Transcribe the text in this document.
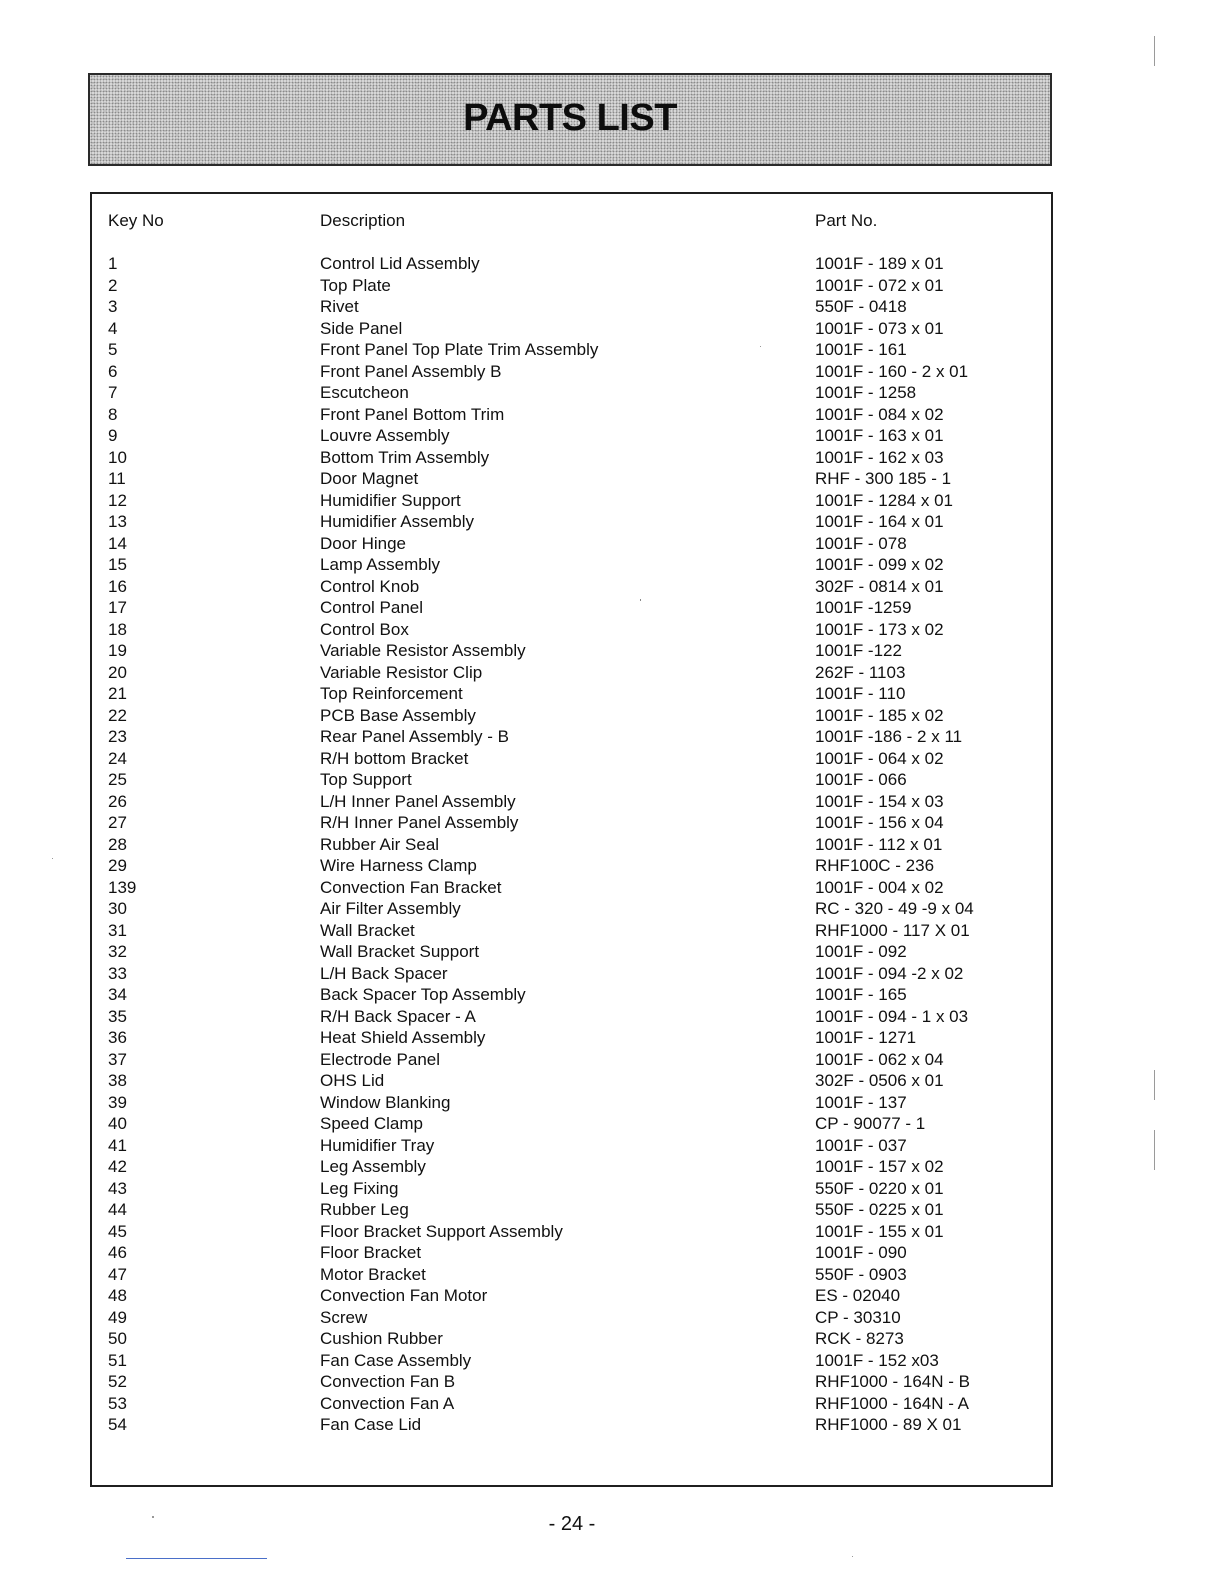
PARTS LIST
Key No	Description	Part No.
1	Control Lid Assembly	1001F - 189 x 01
2	Top Plate	1001F - 072 x 01
3	Rivet	550F - 0418
4	Side Panel	1001F - 073 x 01
5	Front Panel Top Plate Trim Assembly	1001F - 161
6	Front Panel Assembly B	1001F - 160 - 2 x 01
7	Escutcheon	1001F - 1258
8	Front Panel Bottom Trim	1001F - 084 x 02
9	Louvre Assembly	1001F - 163 x 01
10	Bottom Trim Assembly	1001F - 162 x 03
11	Door Magnet	RHF - 300 185 - 1
12	Humidifier Support	1001F - 1284 x 01
13	Humidifier Assembly	1001F - 164 x 01
14	Door Hinge	1001F - 078
15	Lamp Assembly	1001F - 099 x 02
16	Control Knob	302F - 0814 x 01
17	Control Panel	1001F -1259
18	Control Box	1001F - 173 x 02
19	Variable Resistor Assembly	1001F -122
20	Variable Resistor Clip	262F - 1103
21	Top Reinforcement	1001F - 110
22	PCB Base Assembly	1001F - 185 x 02
23	Rear Panel Assembly - B	1001F -186 - 2 x 11
24	R/H bottom Bracket	1001F - 064 x 02
25	Top Support	1001F - 066
26	L/H Inner Panel Assembly	1001F - 154 x 03
27	R/H Inner Panel Assembly	1001F - 156 x 04
28	Rubber Air Seal	1001F - 112 x 01
29	Wire Harness Clamp	RHF100C - 236
139	Convection Fan Bracket	1001F - 004 x 02
30	Air Filter Assembly	RC - 320 - 49 -9 x 04
31	Wall Bracket	RHF1000 - 117 X 01
32	Wall Bracket Support	1001F - 092
33	L/H Back Spacer	1001F - 094 -2 x 02
34	Back Spacer Top Assembly	1001F - 165
35	R/H Back Spacer - A	1001F - 094 - 1 x 03
36	Heat Shield Assembly	1001F - 1271
37	Electrode Panel	1001F - 062 x 04
38	OHS Lid	302F - 0506 x 01
39	Window Blanking	1001F - 137
40	Speed Clamp	CP - 90077 - 1
41	Humidifier Tray	1001F - 037
42	Leg Assembly	1001F - 157 x 02
43	Leg Fixing	550F - 0220 x 01
44	Rubber Leg	550F - 0225 x 01
45	Floor Bracket Support Assembly	1001F - 155 x 01
46	Floor Bracket	1001F - 090
47	Motor Bracket	550F - 0903
48	Convection Fan Motor	ES - 02040
49	Screw	CP - 30310
50	Cushion Rubber	RCK - 8273
51	Fan Case Assembly	1001F - 152 x03
52	Convection Fan B	RHF1000 - 164N - B
53	Convection Fan A	RHF1000 - 164N - A
54	Fan Case Lid	RHF1000 - 89 X 01
- 24 -
